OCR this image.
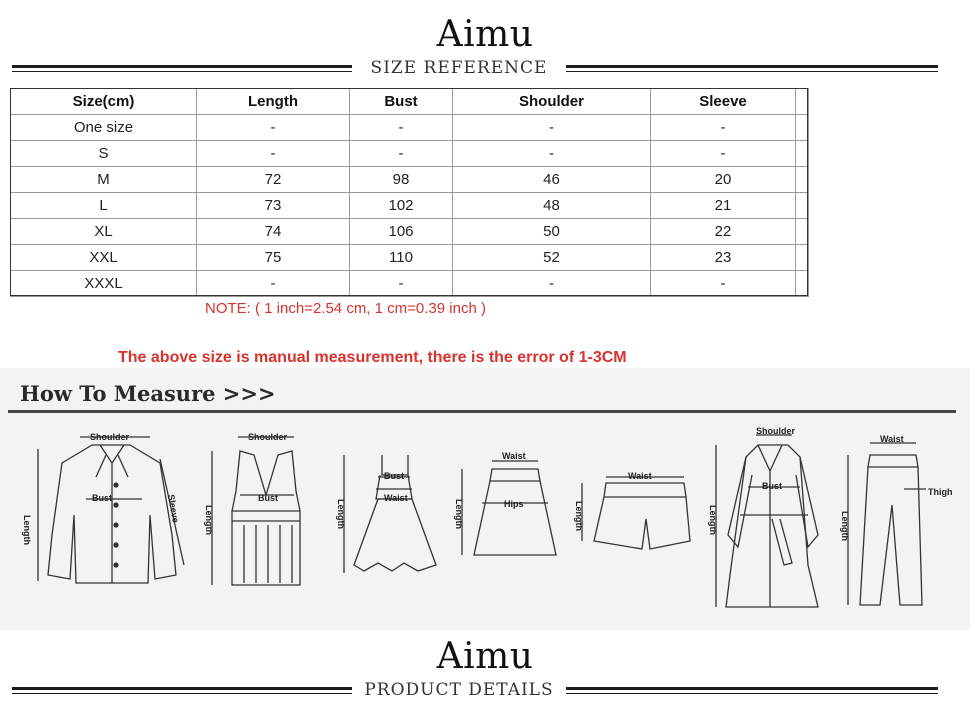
Aimu
SIZE REFERENCE
Size(cm)	Length	Bust	Shoulder	Sleeve	
One size	-	-	-	-	
S	-	-	-	-	
M	72	98	46	20	
L	73	102	48	21	
XL	74	106	50	22	
XXL	75	110	52	23	
XXXL	-	-	-	-	
NOTE: ( 1 inch=2.54 cm, 1 cm=0.39 inch )
The above size is manual measurement, there is the error of 1-3CM
How To Measure >>>
Shoulder
Bust
Length
Sleeve
Shoulder
Bust
Length
Bust
Waist
Length
Waist
Hips
Length
Waist
Length
Shoulder
Bust
Length
Waist
Thigh
Length
Aimu
PRODUCT DETAILS
